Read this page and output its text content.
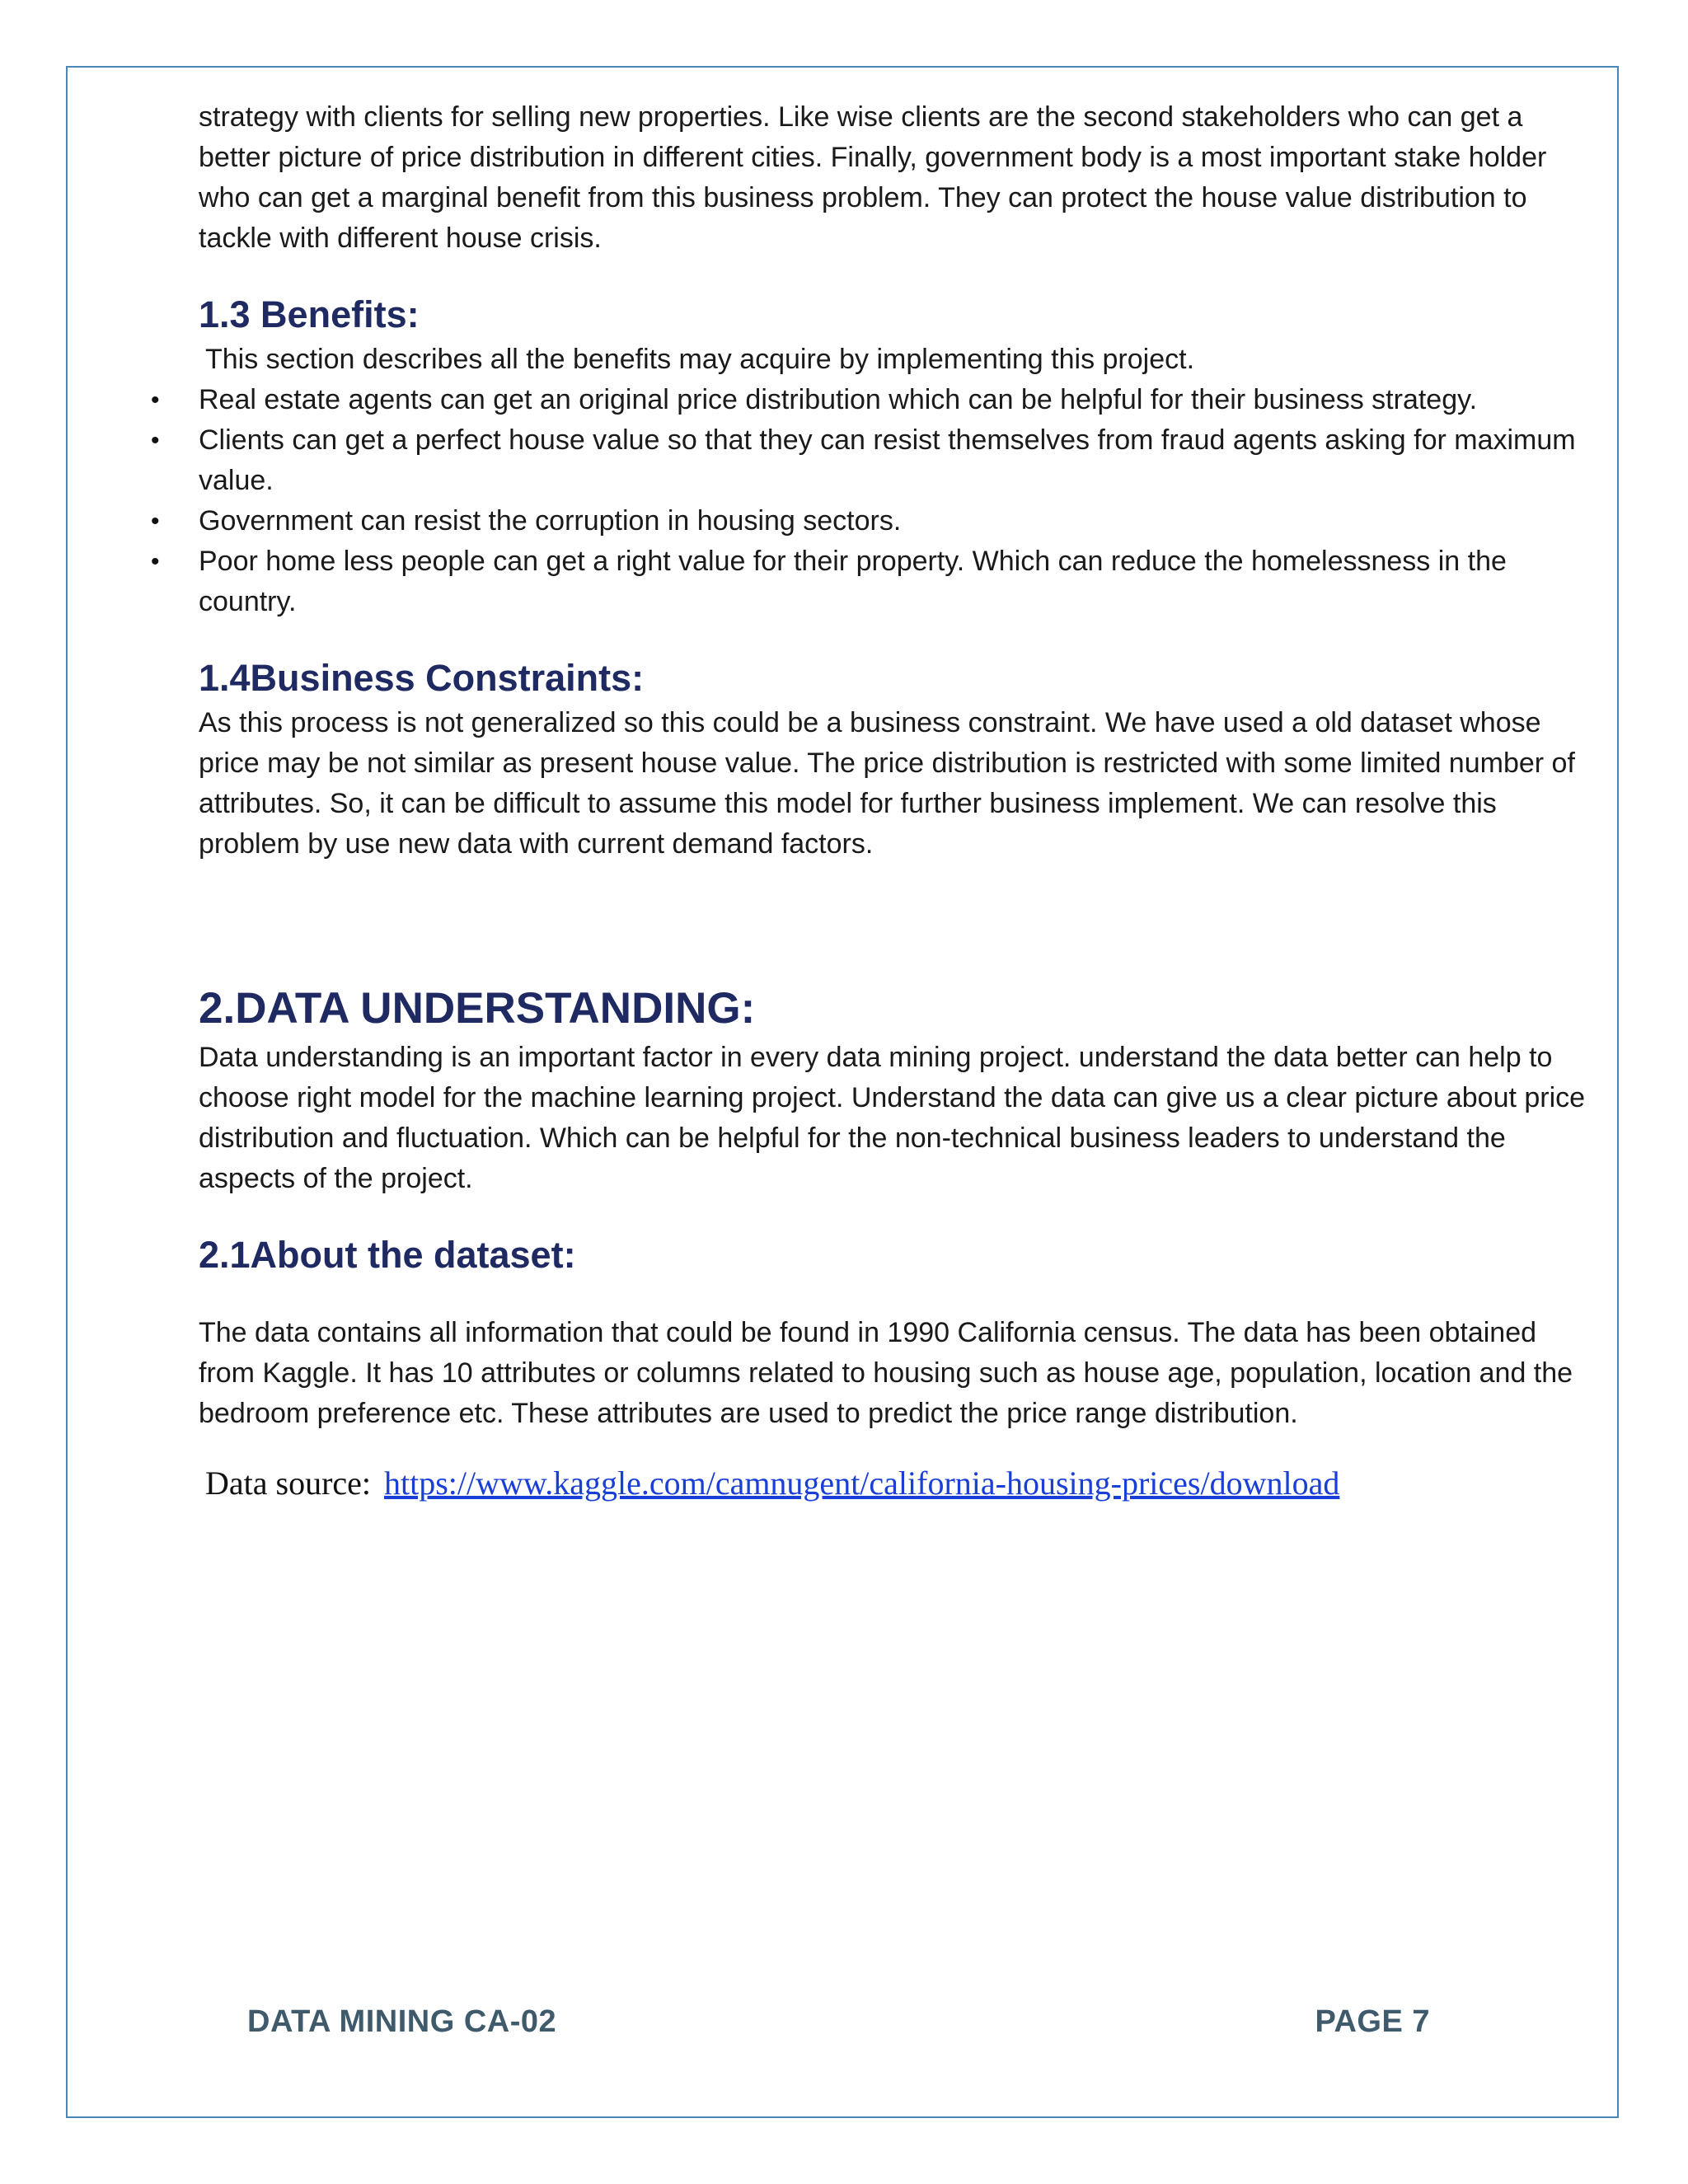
strategy with clients for selling new properties. Like wise clients are the second stakeholders who can get a better picture of price distribution in different cities. Finally, government body is a most important stake holder who can get a marginal benefit from this business problem. They can protect the house value distribution to tackle with different house crisis.

1.3 Benefits:

This section describes all the benefits may acquire by implementing this project.

• Real estate agents can get an original price distribution which can be helpful for their business strategy.
• Clients can get a perfect house value so that they can resist themselves from fraud agents asking for maximum value.
• Government can resist the corruption in housing sectors.
• Poor home less people can get a right value for their property. Which can reduce the homelessness in the country.
1.4Business Constraints:

As this process is not generalized so this could be a business constraint. We have used a old dataset whose price may be not similar as present house value. The price distribution is restricted with some limited number of attributes. So, it can be difficult to assume this model for further business implement. We can resolve this problem by use new data with current demand factors.

2.DATA UNDERSTANDING:

Data understanding is an important factor in every data mining project. understand the data better can help to choose right model for the machine learning project. Understand the data can give us a clear picture about price distribution and fluctuation. Which can be helpful for the non-technical business leaders to understand the aspects of the project.

2.1About the dataset:

The data contains all information that could be found in 1990 California census. The data has been obtained from Kaggle. It has 10 attributes or columns related to housing such as house age, population, location and the bedroom preference etc. These attributes are used to predict the price range distribution.

Data source: https://www.kaggle.com/camnugent/california-housing-prices/download
DATA MINING CA-02	PAGE 7
